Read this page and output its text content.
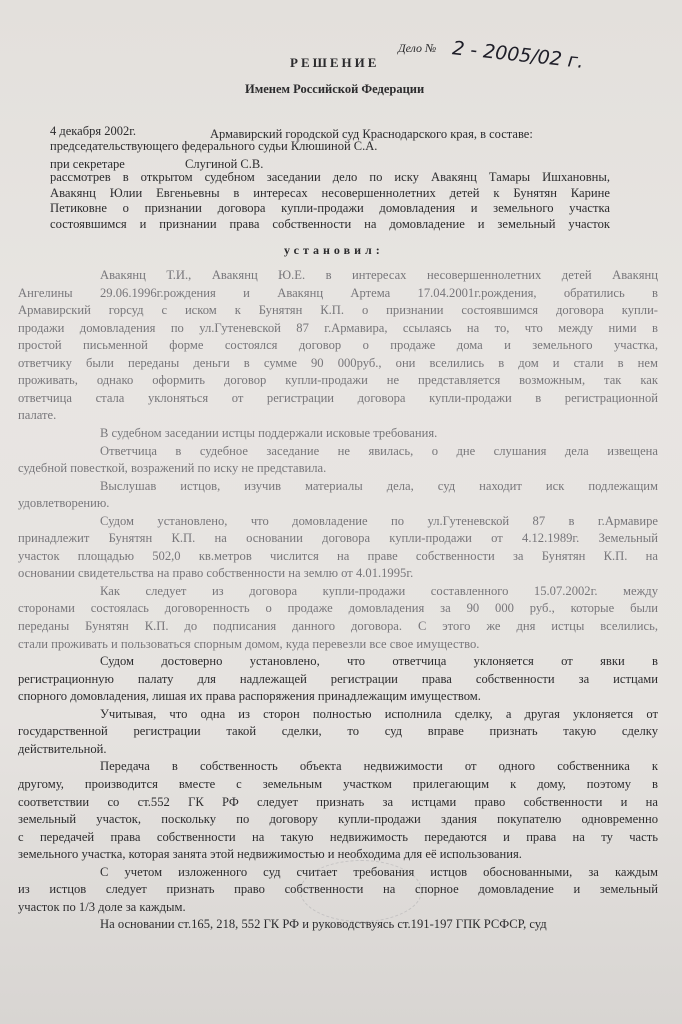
Дело № 2 - 2005/02 г.
РЕШЕНИЕ
Именем Российской Федерации
4 декабря 2002г.	Армавирский городской суд Краснодарского края, в составе:
председательствующего федерального судьи Клюшиной С.А.
при секретаре	Слугиной С.В.
рассмотрев в открытом судебном заседании дело по иску Авакянц Тамары Ишхановны,
Авакянц Юлии Евгеньевны в интересах несовершеннолетних детей к Бунятян Карине
Петиковне о признании договора купли-продажи домовладения и земельного участка
состоявшимся и признании права собственности на домовладение и земельный участок
установил:
Авакянц Т.И., Авакянц Ю.Е. в интересах несовершеннолетних детей Авакянц
Ангелины 29.06.1996г.рождения и Авакянц Артема 17.04.2001г.рождения, обратились в
Армавирский горсуд с иском к Бунятян К.П. о признании состоявшимся договора купли-
продажи домовладения по ул.Гутеневской 87 г.Армавира, ссылаясь на то, что между ними в
простой письменной форме состоялся договор о продаже дома и земельного участка,
ответчику были переданы деньги в сумме 90 000руб., они вселились в дом и стали в нем
проживать, однако оформить договор купли-продажи не представляется возможным, так как
ответчица стала уклоняться от регистрации договора купли-продажи в регистрационной
палате.
В судебном заседании истцы поддержали исковые требования.
Ответчица в судебное заседание не явилась, о дне слушания дела извещена
судебной повесткой, возражений по иску не представила.
Выслушав истцов, изучив материалы дела, суд находит иск подлежащим
удовлетворению.
Судом установлено, что домовладение по ул.Гутеневской 87 в г.Армавире
принадлежит Бунятян К.П. на основании договора купли-продажи от 4.12.1989г. Земельный
участок площадью 502,0 кв.метров числится на праве собственности за Бунятян К.П. на
основании свидетельства на право собственности на землю от 4.01.1995г.
Как следует из договора купли-продажи составленного 15.07.2002г. между
сторонами состоялась договоренность о продаже домовладения за 90 000 руб., которые были
переданы Бунятян К.П. до подписания данного договора. С этого же дня истцы вселились,
стали проживать и пользоваться спорным домом, куда перевезли все свое имущество.
Судом достоверно установлено, что ответчица уклоняется от явки в
регистрационную палату для надлежащей регистрации права собственности за истцами
спорного домовладения, лишая их права распоряжения принадлежащим имуществом.
Учитывая, что одна из сторон полностью исполнила сделку, а другая уклоняется от
государственной регистрации такой сделки, то суд вправе признать такую сделку
действительной.
Передача в собственность объекта недвижимости от одного собственника к
другому, производится вместе с земельным участком прилегающим к дому, поэтому в
соответствии со ст.552 ГК РФ следует признать за истцами право собственности и на
земельный участок, поскольку по договору купли-продажи здания покупателю одновременно
с передачей права собственности на такую недвижимость передаются и права на ту часть
земельного участка, которая занята этой недвижимостью и необходима для её использования.
С учетом изложенного суд считает требования истцов обоснованными, за каждым
из истцов следует признать право собственности на спорное домовладение и земельный
участок по 1/3 доле за каждым.
На основании ст.165, 218, 552 ГК РФ и руководствуясь ст.191-197 ГПК РСФСР, суд
